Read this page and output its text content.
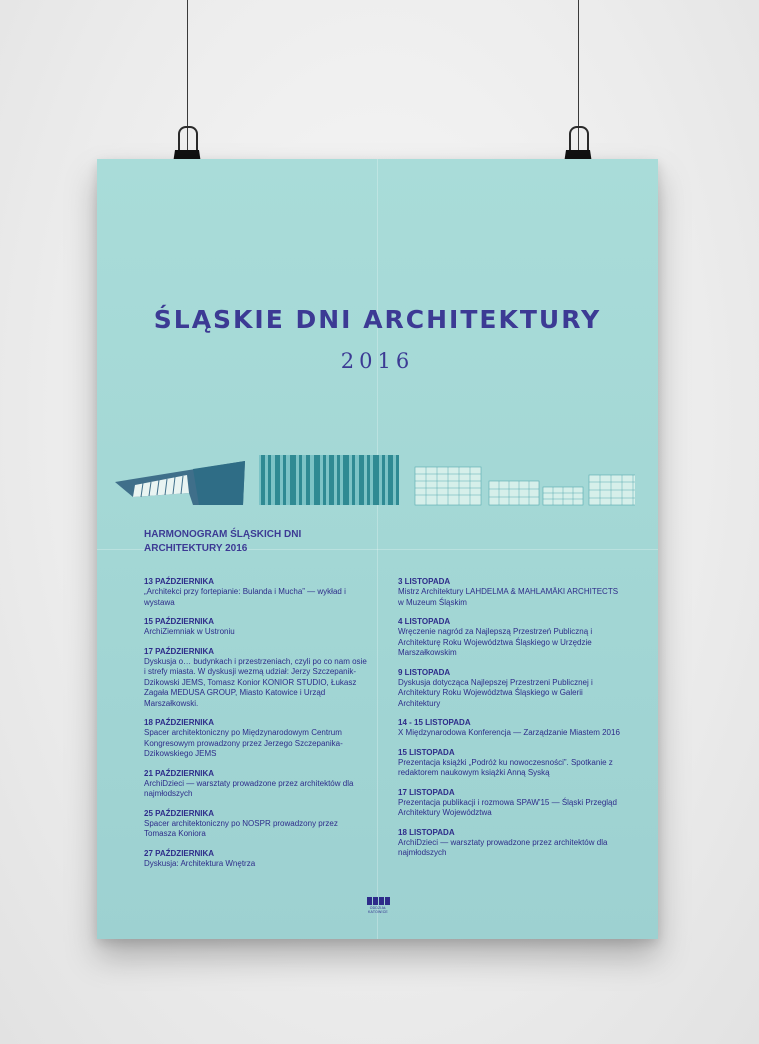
ŚLĄSKIE DNI ARCHITEKTURY
2016
HARMONOGRAM ŚLĄSKICH DNI ARCHITEKTURY 2016
13 PAŹDZIERNIKA
„Architekci przy fortepianie: Bulanda i Mucha” — wykład i wystawa
15 PAŹDZIERNIKA
ArchiZiemniak w Ustroniu
17 PAŹDZIERNIKA
Dyskusja o… budynkach i przestrzeniach, czyli po co nam osie i strefy miasta. W dyskusji wezmą udział: Jerzy Szczepanik-Dzikowski JEMS, Tomasz Konior KONIOR STUDIO, Łukasz Zagała MEDUSA GROUP, Miasto Katowice i Urząd Marszałkowski.
18 PAŹDZIERNIKA
Spacer architektoniczny po Międzynarodowym Centrum Kongresowym prowadzony przez Jerzego Szczepanika-Dzikowskiego JEMS
21 PAŹDZIERNIKA
ArchiDzieci — warsztaty prowadzone przez architektów dla najmłodszych
25 PAŹDZIERNIKA
Spacer architektoniczny po NOSPR prowadzony przez Tomasza Koniora
27 PAŹDZIERNIKA
Dyskusja: Architektura Wnętrza
3 LISTOPADA
Mistrz Architektury LAHDELMA & MAHLAMÄKI ARCHITECTS w Muzeum Śląskim
4 LISTOPADA
Wręczenie nagród za Najlepszą Przestrzeń Publiczną i Architekturę Roku Województwa Śląskiego w Urzędzie Marszałkowskim
9 LISTOPADA
Dyskusja dotycząca Najlepszej Przestrzeni Publicznej i Architektury Roku Województwa Śląskiego w Galerii Architektury
14 - 15 LISTOPADA
X Międzynarodowa Konferencja — Zarządzanie Miastem 2016
15 LISTOPADA
Prezentacja książki „Podróż ku nowoczesności”. Spotkanie z redaktorem naukowym książki Anną Syską
17 LISTOPADA
Prezentacja publikacji i rozmowa SPAW'15 — Śląski Przegląd Architektury Województwa
18 LISTOPADA
ArchiDzieci — warsztaty prowadzone przez architektów dla najmłodszych
ODDZIAŁ KATOWICE
